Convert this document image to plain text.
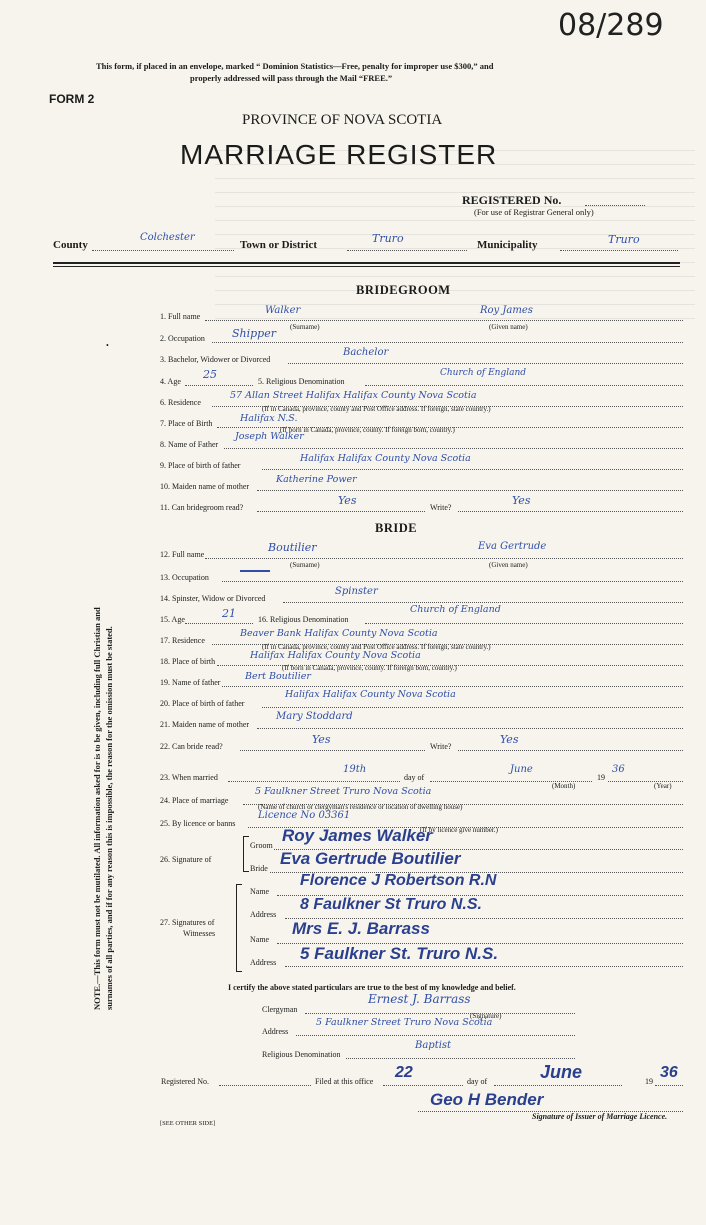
08/289
This form, if placed in an envelope, marked “ Dominion Statistics—Free, penalty for improper use $300,” and
properly addressed will pass through the Mail “FREE.”
FORM 2
PROVINCE OF NOVA SCOTIA
MARRIAGE REGISTER
REGISTERED No.
(For use of Registrar General only)
County
Colchester
Town or District	Truro	Municipality	Truro
NOTE.—This form must not be mutilated. All information asked for is to be given, including full Christian and surnames of all parties, and if for any reason this is impossible, the reason for the omission must be stated.
BRIDEGROOM
1. Full name
Walker	Roy James
(Surname)	(Given name)
2. Occupation Shipper
3. Bachelor, Widower or Divorced
Bachelor
4. Age
25
5. Religious Denomination
Church of England
6. Residence
57 Allan Street Halifax Halifax County Nova Scotia
(If in Canada, province, county and Post Office address. If foreign, state country.)
7. Place of Birth	Halifax N.S.
(If born in Canada, province, county. If foreign born, country.)
8. Name of Father
Joseph Walker
9. Place of birth of father
Halifax Halifax County Nova Scotia
10. Maiden name of mother
Katherine Power
11. Can bridegroom read?
Yes
Write?
Yes
BRIDE
12. Full name
Boutilier	Eva Gertrude
(Surname)	(Given name)
13. Occupation
14. Spinster, Widow or Divorced
Spinster
15. Age	21	16. Religious Denomination
Church of England
17. Residence
Beaver Bank Halifax County Nova Scotia
(If in Canada, province, county and Post Office address. If foreign, state country.)
18. Place of birth
Halifax Halifax County Nova Scotia
(If born in Canada, province, county. If foreign born, country.)
19. Name of father
Bert Boutilier
20. Place of birth of father
Halifax Halifax County Nova Scotia
21. Maiden name of mother
Mary Stoddard
22. Can bride read?
Yes
Write?
Yes
23. When married
19th
day of
June
(Month)
19
36
(Year)
24. Place of marriage
5 Faulkner Street Truro Nova Scotia
(Name of church or clergyman's residence or location of dwelling house)
25. By licence or banns
Licence No 03361
(If by licence give number.)
26. Signature of
Groom
Roy James Walker
Bride
Eva Gertrude Boutilier
27. Signatures of
Witnesses
Name
Florence J Robertson R.N
Address
8 Faulkner St Truro N.S.
Name
Mrs E. J. Barrass
Address 5 Faulkner St. Truro N.S.
I certify the above stated particulars are true to the best of my knowledge and belief.
Clergyman
Ernest J. Barrass
(Signature)
Address
5 Faulkner Street Truro Nova Scotia
Religious Denomination
Baptist
Registered No.	Filed at this office
22
day of	June	19
36
Geo H Bender
Signature of Issuer of Marriage Licence.
[SEE OTHER SIDE]
•
